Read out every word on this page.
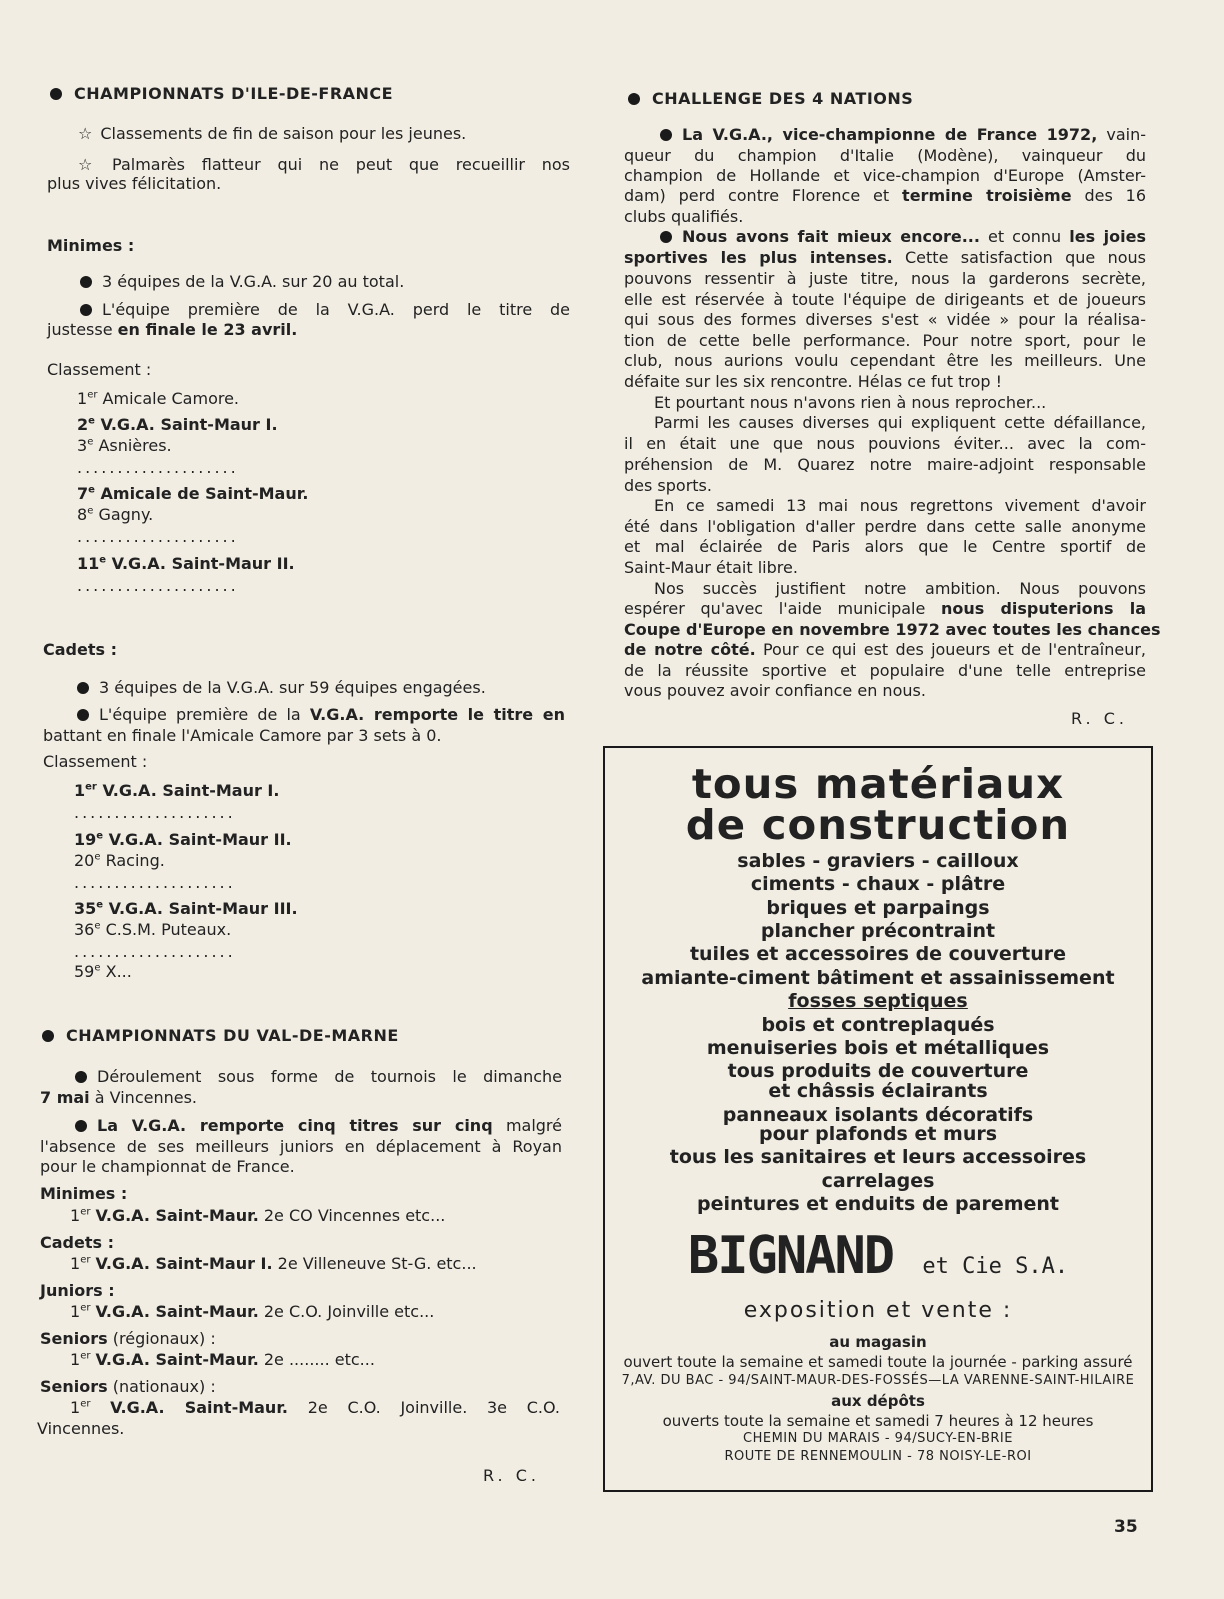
CHAMPIONNATS D'ILE-DE-FRANCE
☆ Classements de fin de saison pour les jeunes.
☆ Palmarès flatteur qui ne peut que recueillir nos
plus vives félicitation.
Minimes :
3 équipes de la V.G.A. sur 20 au total.
L'équipe première de la V.G.A. perd le titre de
justesse en finale le 23 avril.
Classement :
1er Amicale Camore.
2e V.G.A. Saint-Maur I.
3e Asnières.
....................
7e Amicale de Saint-Maur.
8e Gagny.
....................
11e V.G.A. Saint-Maur II.
....................
Cadets :
3 équipes de la V.G.A. sur 59 équipes engagées.
L'équipe première de la V.G.A. remporte le titre en
battant en finale l'Amicale Camore par 3 sets à 0.
Classement :
1er V.G.A. Saint-Maur I.
....................
19e V.G.A. Saint-Maur II.
20e Racing.
....................
35e V.G.A. Saint-Maur III.
36e C.S.M. Puteaux.
....................
59e X...
CHAMPIONNATS DU VAL-DE-MARNE
Déroulement sous forme de tournois le dimanche
7 mai à Vincennes.
La V.G.A. remporte cinq titres sur cinq malgré
l'absence de ses meilleurs juniors en déplacement à Royan
pour le championnat de France.
Minimes :
1er V.G.A. Saint-Maur. 2e CO Vincennes etc...
Cadets :
1er V.G.A. Saint-Maur I. 2e Villeneuve St-G. etc...
Juniors :
1er V.G.A. Saint-Maur. 2e C.O. Joinville etc...
Seniors (régionaux) :
1er V.G.A. Saint-Maur. 2e ........ etc...
Seniors (nationaux) :
1er V.G.A. Saint-Maur. 2e C.O. Joinville. 3e C.O.
Vincennes.
R. C.
CHALLENGE DES 4 NATIONS
La V.G.A., vice-championne de France 1972, vain-
queur du champion d'Italie (Modène), vainqueur du
champion de Hollande et vice-champion d'Europe (Amster-
dam) perd contre Florence et termine troisième des 16
clubs qualifiés.
Nous avons fait mieux encore... et connu les joies
sportives les plus intenses. Cette satisfaction que nous
pouvons ressentir à juste titre, nous la garderons secrète,
elle est réservée à toute l'équipe de dirigeants et de joueurs
qui sous des formes diverses s'est « vidée » pour la réalisa-
tion de cette belle performance. Pour notre sport, pour le
club, nous aurions voulu cependant être les meilleurs. Une
défaite sur les six rencontre. Hélas ce fut trop !
Et pourtant nous n'avons rien à nous reprocher...
Parmi les causes diverses qui expliquent cette défaillance,
il en était une que nous pouvions éviter... avec la com-
préhension de M. Quarez notre maire-adjoint responsable
des sports.
En ce samedi 13 mai nous regrettons vivement d'avoir
été dans l'obligation d'aller perdre dans cette salle anonyme
et mal éclairée de Paris alors que le Centre sportif de
Saint-Maur était libre.
Nos succès justifient notre ambition. Nous pouvons
espérer qu'avec l'aide municipale nous disputerions la
Coupe d'Europe en novembre 1972 avec toutes les chances
de notre côté. Pour ce qui est des joueurs et de l'entraîneur,
de la réussite sportive et populaire d'une telle entreprise
vous pouvez avoir confiance en nous.
R. C.
tous matériaux
de construction
sables - graviers - cailloux
ciments - chaux - plâtre
briques et parpaings
plancher précontraint
tuiles et accessoires de couverture
amiante-ciment bâtiment et assainissement
fosses septiques
bois et contreplaqués
menuiseries bois et métalliques
tous produits de couverture
et châssis éclairants
panneaux isolants décoratifs
pour plafonds et murs
tous les sanitaires et leurs accessoires
carrelages
peintures et enduits de parement
BIGNAND et Cie S.A.
exposition et vente :
au magasin
ouvert toute la semaine et samedi toute la journée - parking assuré
7,AV. DU BAC - 94/SAINT-MAUR-DES-FOSSÉS—LA VARENNE-SAINT-HILAIRE
aux dépôts
ouverts toute la semaine et samedi 7 heures à 12 heures
CHEMIN DU MARAIS - 94/SUCY-EN-BRIE
ROUTE DE RENNEMOULIN - 78 NOISY-LE-ROI
35
